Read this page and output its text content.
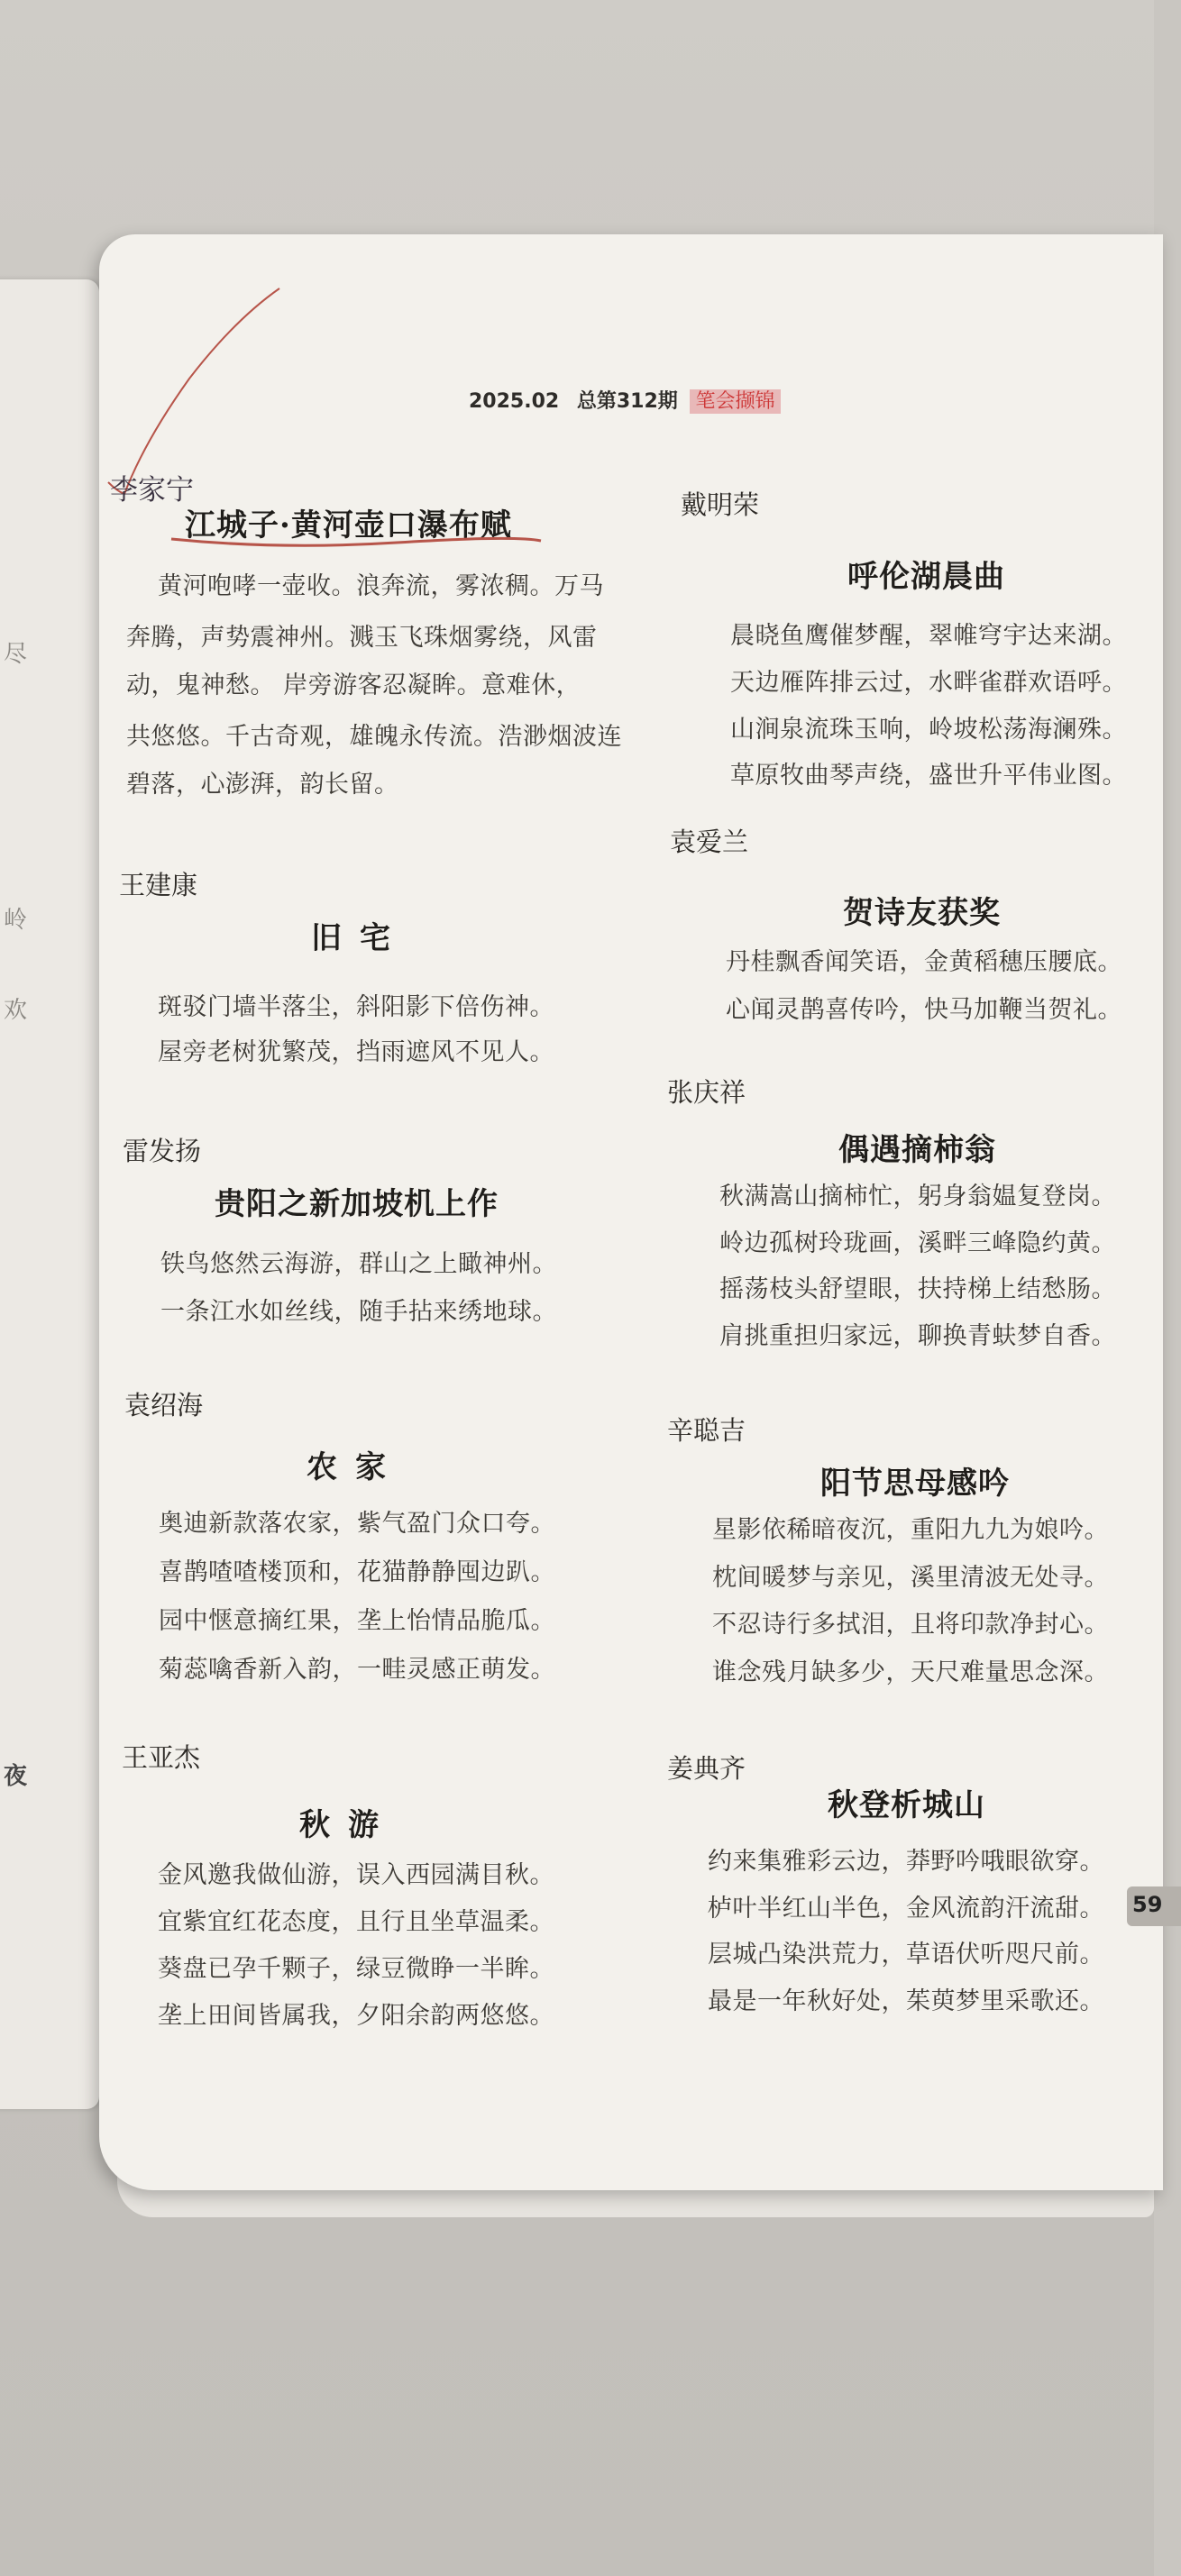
尽
岭
欢
夜
2025.02 总第312期 笔会撷锦
李家宁
江城子·黄河壶口瀑布赋
黄河咆哮一壶收。浪奔流，雾浓稠。万马
奔腾，声势震神州。溅玉飞珠烟雾绕，风雷
动，鬼神愁。 岸旁游客忍凝眸。意难休，
共悠悠。千古奇观，雄魄永传流。浩渺烟波连
碧落，心澎湃，韵长留。
王建康
旧宅
斑驳门墙半落尘，斜阳影下倍伤神。
屋旁老树犹繁茂，挡雨遮风不见人。
雷发扬
贵阳之新加坡机上作
铁鸟悠然云海游，群山之上瞰神州。
一条江水如丝线，随手拈来绣地球。
袁绍海
农家
奥迪新款落农家，紫气盈门众口夸。
喜鹊喳喳楼顶和，花猫静静囤边趴。
园中惬意摘红果，垄上怡情品脆瓜。
菊蕊噙香新入韵，一畦灵感正萌发。
王亚杰
秋游
金风邀我做仙游，误入西园满目秋。
宜紫宜红花态度，且行且坐草温柔。
葵盘已孕千颗子，绿豆微睁一半眸。
垄上田间皆属我，夕阳余韵两悠悠。
戴明荣
呼伦湖晨曲
晨晓鱼鹰催梦醒，翠帷穹宇达来湖。
天边雁阵排云过，水畔雀群欢语呼。
山涧泉流珠玉响，岭坡松荡海澜殊。
草原牧曲琴声绕，盛世升平伟业图。
袁爱兰
贺诗友获奖
丹桂飘香闻笑语，金黄稻穗压腰底。
心闻灵鹊喜传吟，快马加鞭当贺礼。
张庆祥
偶遇摘柿翁
秋满嵩山摘柿忙，躬身翁媪复登岗。
岭边孤树玲珑画，溪畔三峰隐约黄。
摇荡枝头舒望眼，扶持梯上结愁肠。
肩挑重担归家远，聊换青蚨梦自香。
辛聪吉
阳节思母感吟
星影依稀暗夜沉，重阳九九为娘吟。
枕间暖梦与亲见，溪里清波无处寻。
不忍诗行多拭泪，且将印款净封心。
谁念残月缺多少，天尺难量思念深。
姜典齐
秋登析城山
约来集雅彩云边，莽野吟哦眼欲穿。
栌叶半红山半色，金风流韵汗流甜。
层城凸染洪荒力，草语伏听咫尺前。
最是一年秋好处，茱萸梦里采歌还。
59
